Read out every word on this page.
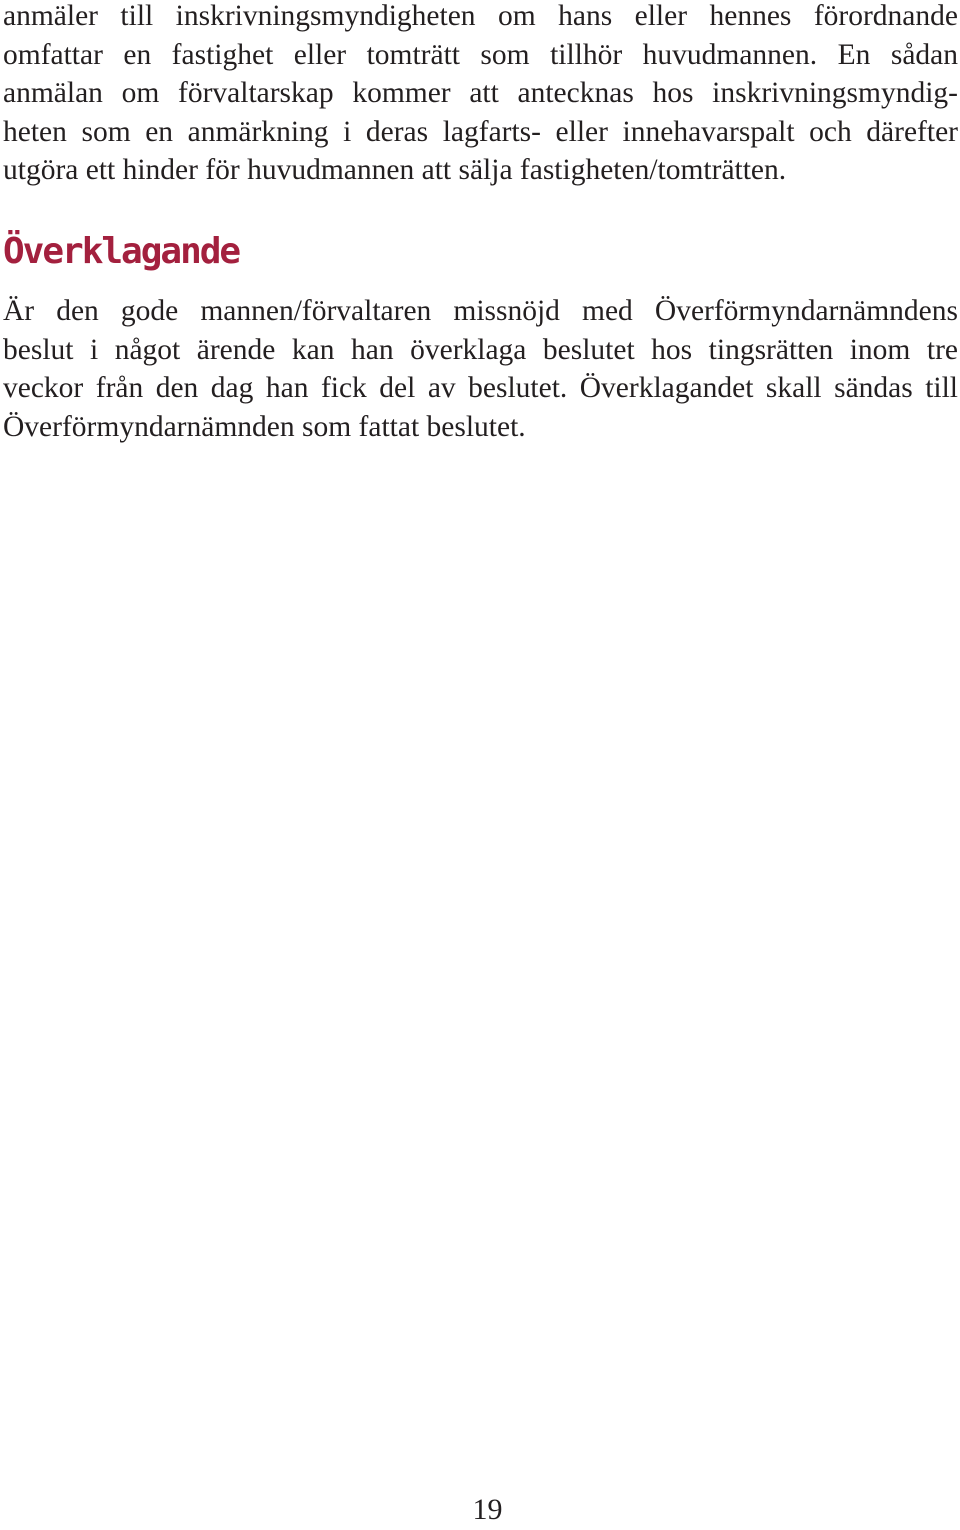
anmäler till inskrivningsmyndigheten om hans eller hennes förordnande
omfattar en fastighet eller tomträtt som tillhör huvudmannen. En sådan
anmälan om förvaltarskap kommer att antecknas hos inskrivningsmyndig-
heten som en anmärkning i deras lagfarts- eller innehavarspalt och därefter
utgöra ett hinder för huvudmannen att sälja fastigheten/tomträtten.
Överklagande
Är den gode mannen/förvaltaren missnöjd med Överförmyndarnämndens
beslut i något ärende kan han överklaga beslutet hos tingsrätten inom tre
veckor från den dag han fick del av beslutet. Överklagandet skall sändas till
Överförmyndarnämnden som fattat beslutet.
19
